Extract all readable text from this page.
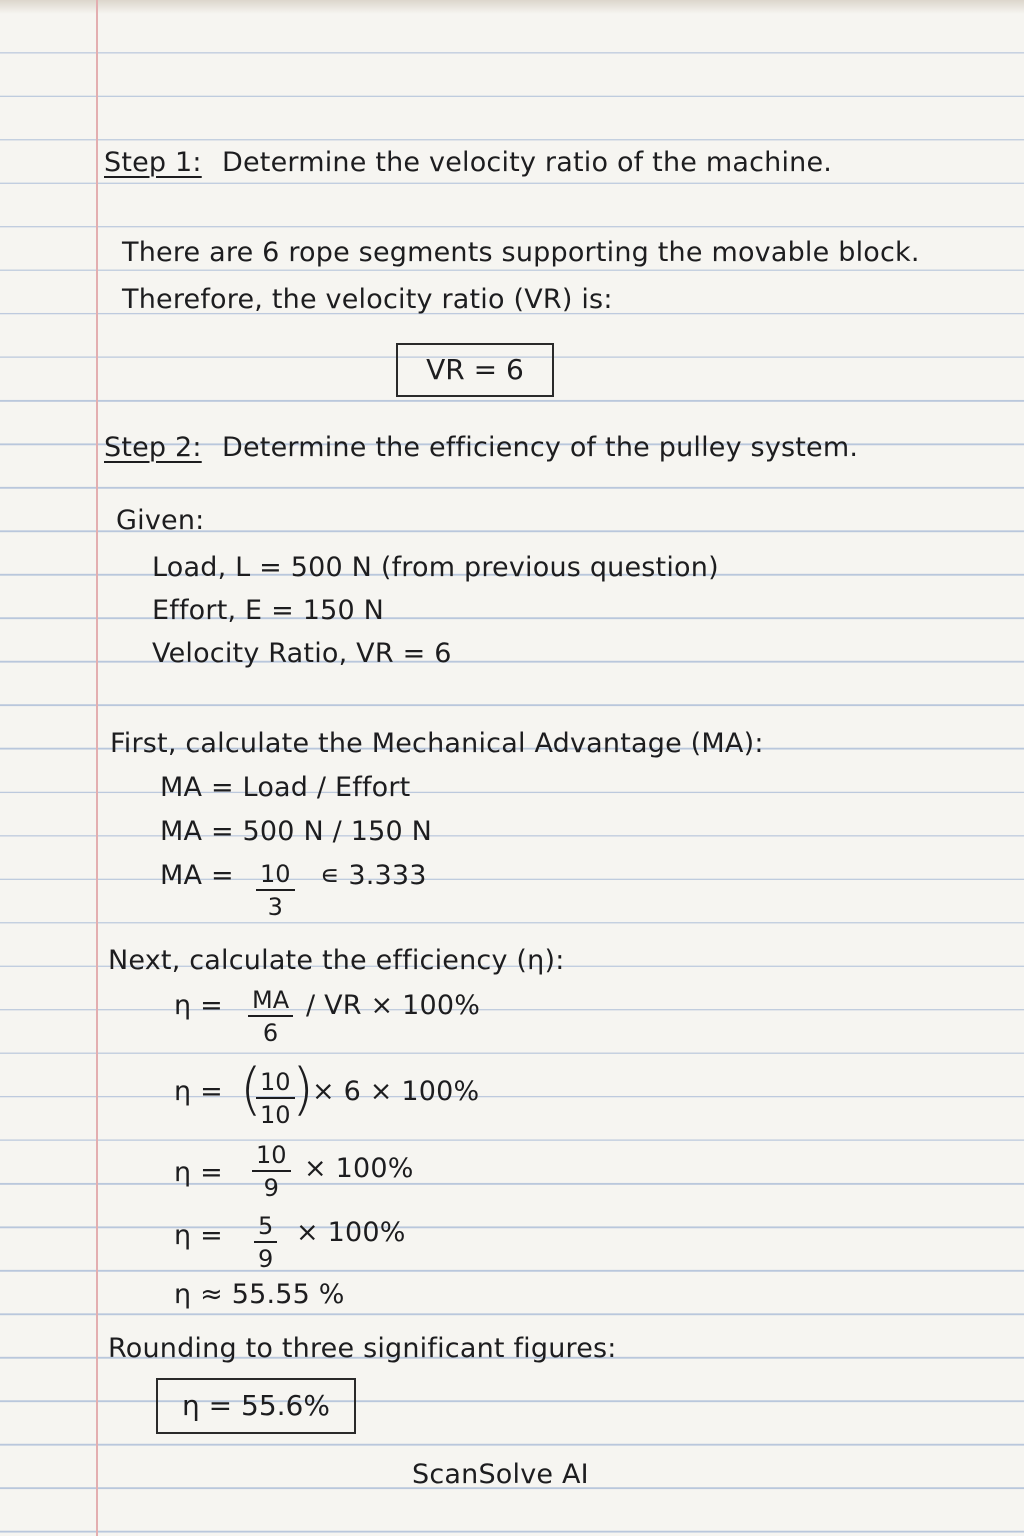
Step 1: Determine the velocity ratio of the machine.
There are 6 rope segments supporting the movable block.
Therefore, the velocity ratio (VR) is:
VR = 6
Step 2: Determine the efficiency of the pulley system.
Given:
Load, L = 500 N (from previous question)
Effort, E = 150 N
Velocity Ratio, VR = 6
First, calculate the Mechanical Advantage (MA):
MA = Load / Effort
MA = 500 N / 150 N
MA = $\frac{10}{3}$ ∊ 3.333
Next, calculate the efficiency (η):
$\eta = \frac{MA}{6}$ / VR × 100%
η = (
$\frac{10}{10}$
)
× 6 × 100%
$\eta = \frac{10}{9} \times 100\%$
$\eta = \frac{5}{9} \times 100\%$
η ≈ 55.55 %
Rounding to three significant figures:
η = 55.6%
ScanSolve AI
